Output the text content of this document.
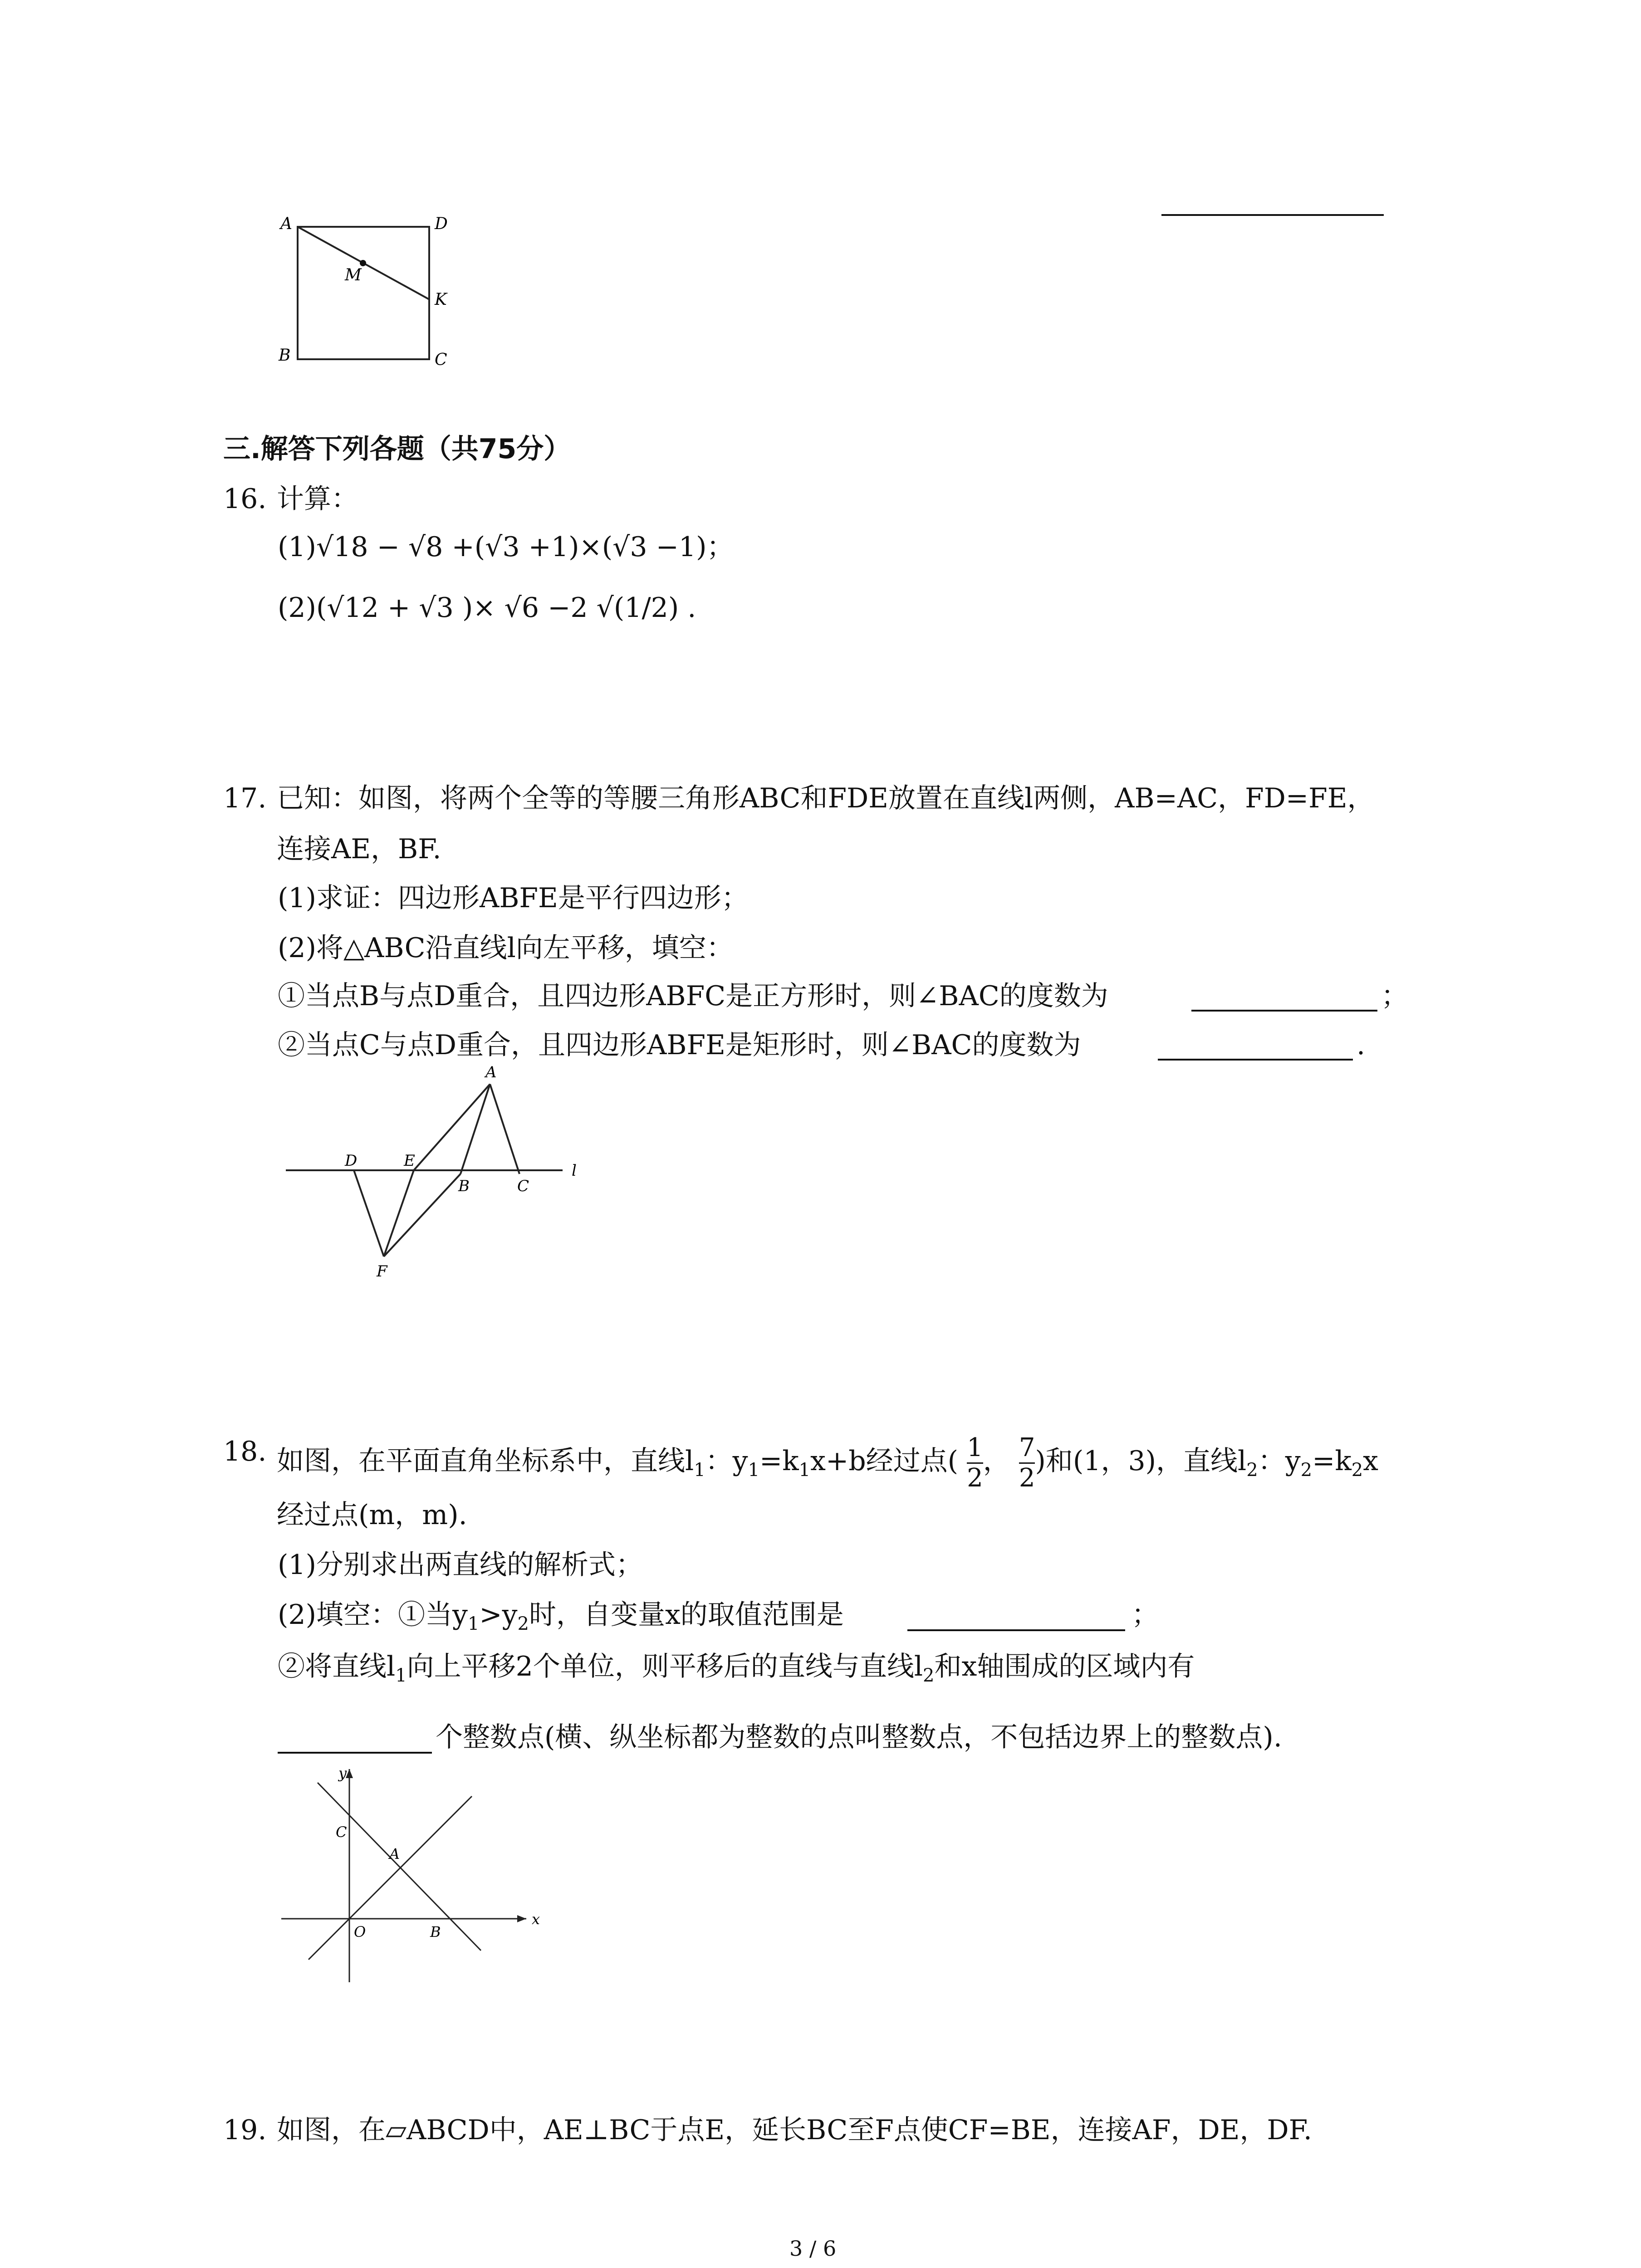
A	D
M
K
B	C
三.解答下列各题（共75分）
16. 计算：
(1)√18 − √8 +(√3 +1)×(√3 −1)；
(2)(√12 + √3 )× √6 −2 √(1/2) .
17. 已知：如图，将两个全等的等腰三角形ABC和FDE放置在直线l两侧，AB=AC，FD=FE，
连接AE，BF.
(1)求证：四边形ABFE是平行四边形；
(2)将△ABC沿直线l向左平移，填空：
①当点B与点D重合，且四边形ABFC是正方形时，则∠BAC的度数为	；
②当点C与点D重合，且四边形ABFE是矩形时，则∠BAC的度数为	.
A
D	E
B	C
l
F
18. 如图，在平面直角坐标系中，直线$l_1$：$y_1=k_1x+b$经过点( $\frac{1}{2}$ ， $\frac{7}{2}$ )和(1，3)，直线$l_2$：$y_2=k_2x$
经过点(m，m).
(1)分别求出两直线的解析式；
(2)填空：①当$y_1>y_2$时，自变量x的取值范围是	；
②将直线$l_1$向上平移2个单位，则平移后的直线与直线$l_2$和x轴围成的区域内有
个整数点(横、纵坐标都为整数的点叫整数点，不包括边界上的整数点).
y
x
C
A
O	B
19. 如图，在▱ABCD中，AE⊥BC于点E，延长BC至F点使CF=BE，连接AF，DE，DF.
3 / 6
